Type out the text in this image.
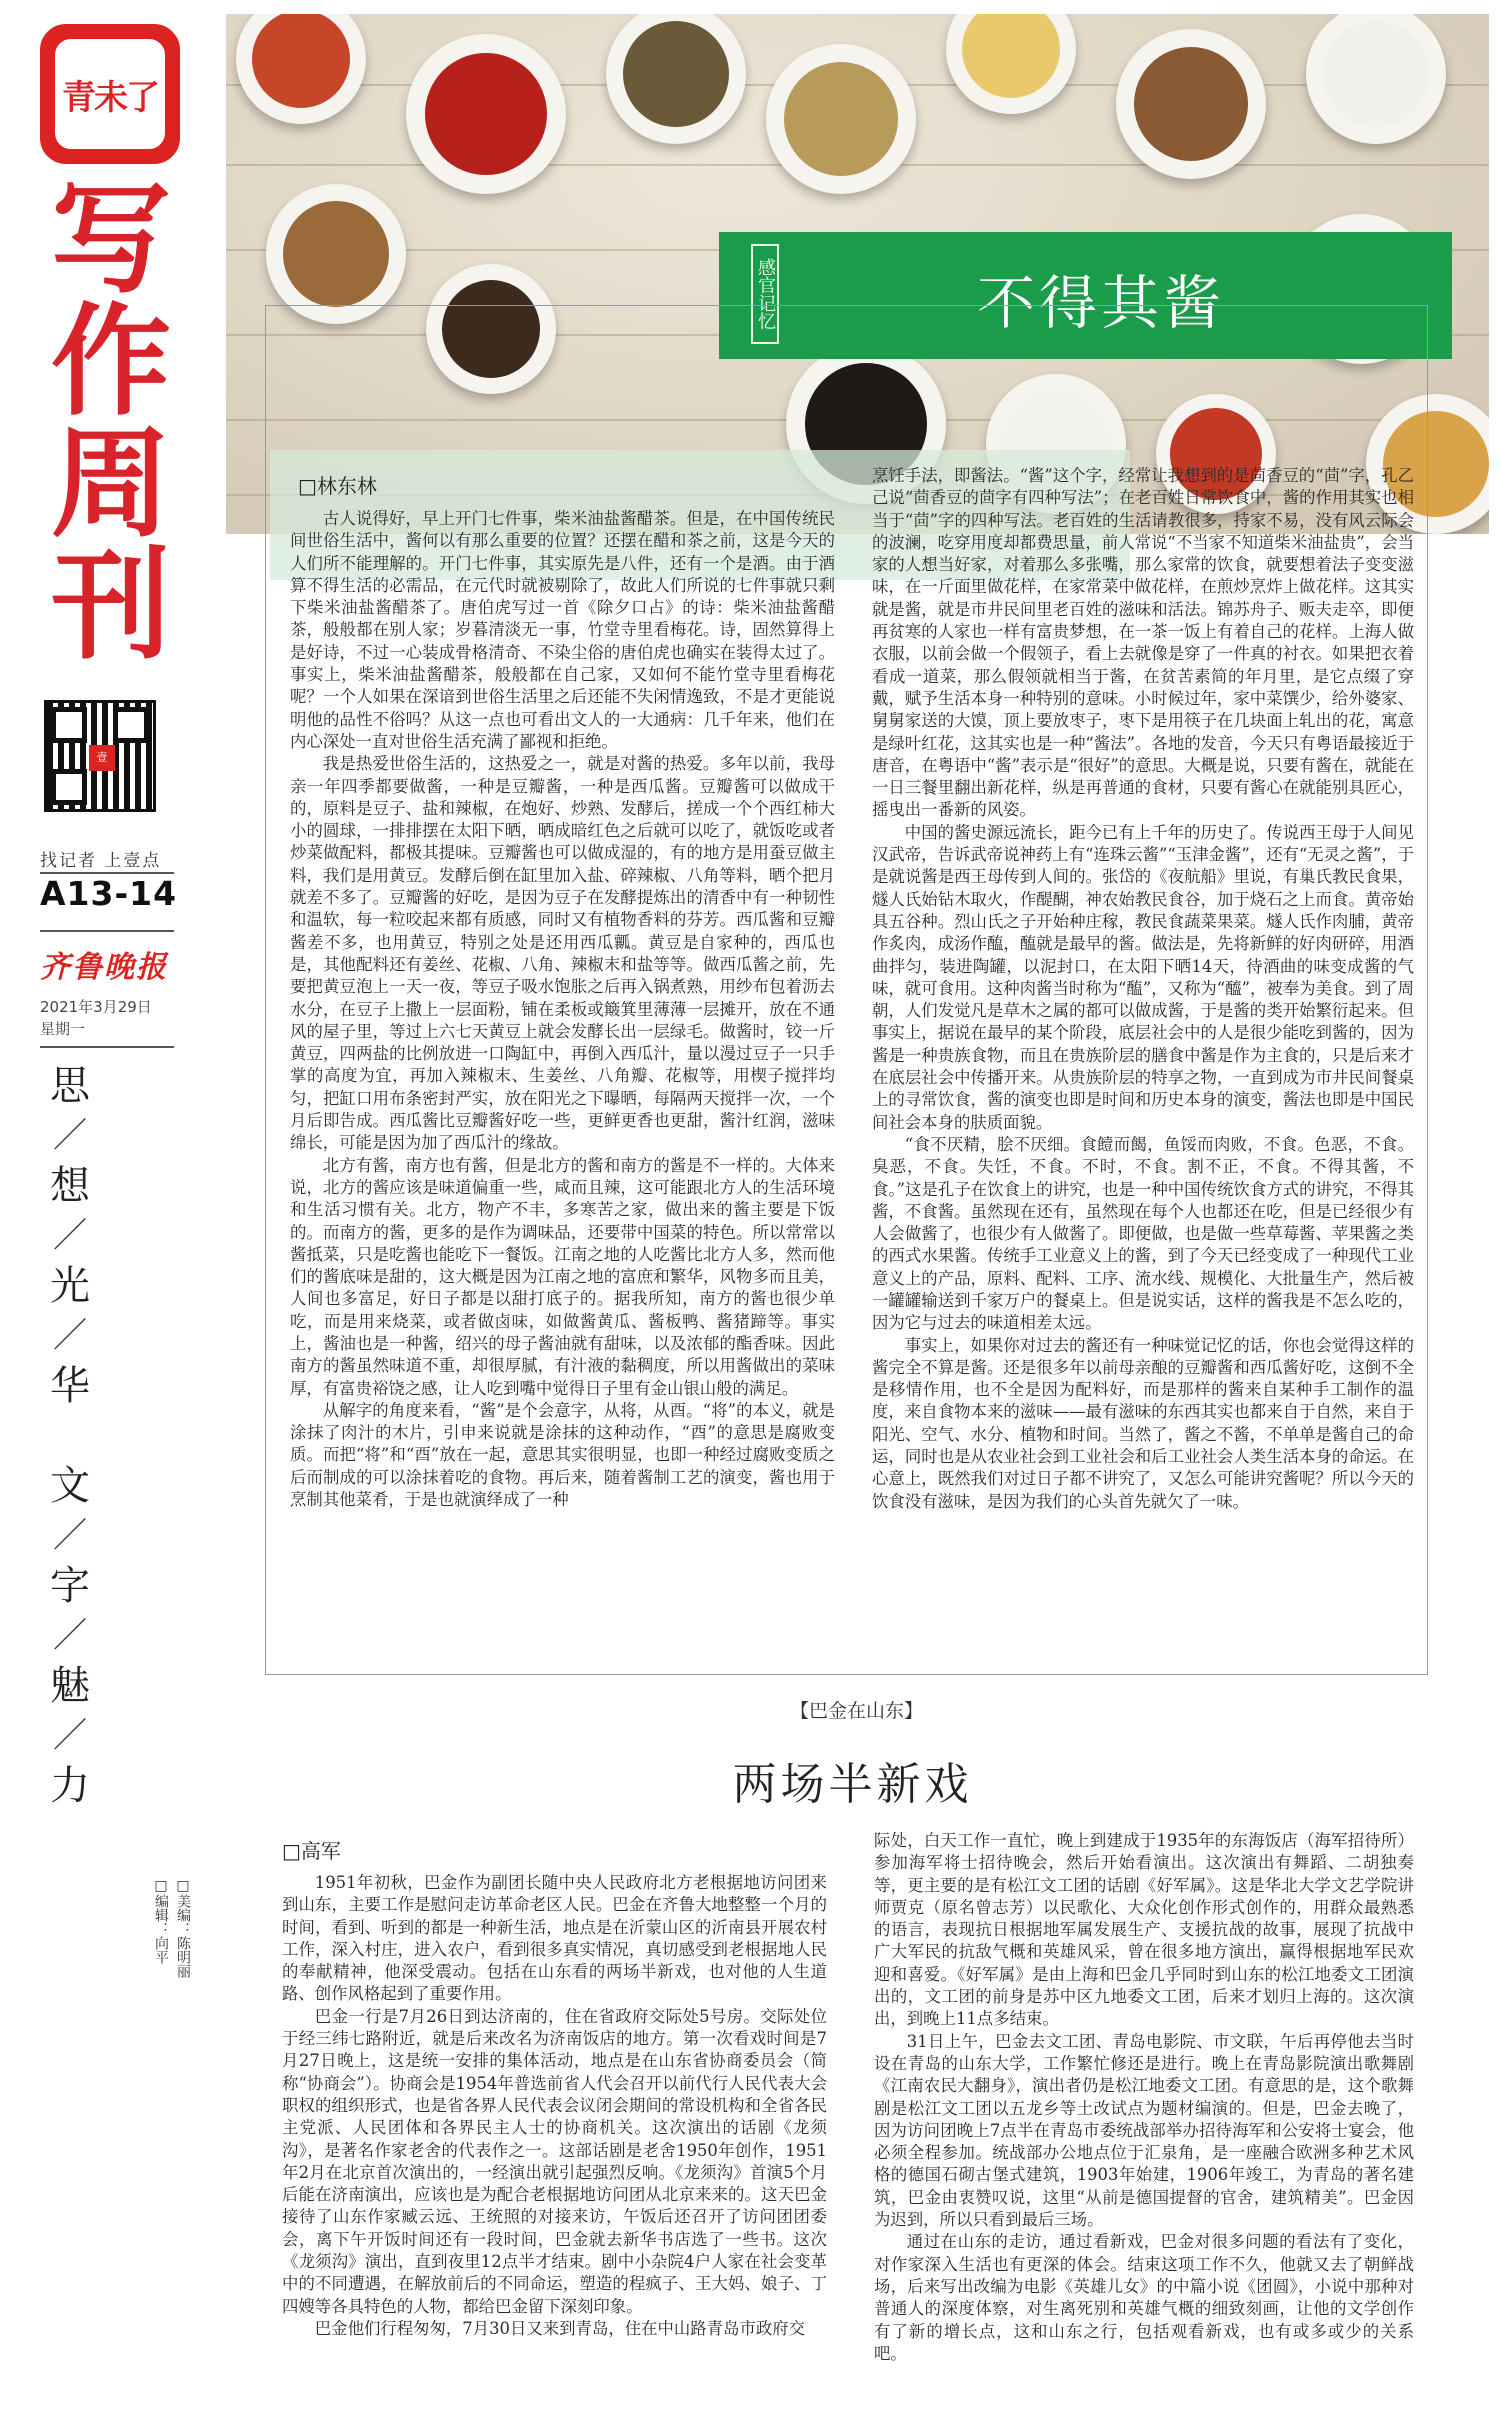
青未了
写
作
周
刊
壹
找记者 上壹点
A13-14
齐鲁晚报
2021年3月29日
星期一
思
／
想
／
光
／
华
文
／
字
／
魅
／
力
□美编：陈明丽
□编辑：向平
感官记忆	不得其酱
□林东林

古人说得好，早上开门七件事，柴米油盐酱醋茶。但是，在中国传统民间世俗生活中，酱何以有那么重要的位置？还摆在醋和茶之前，这是今天的人们所不能理解的。开门七件事，其实原先是八件，还有一个是酒。由于酒算不得生活的必需品，在元代时就被剔除了，故此人们所说的七件事就只剩下柴米油盐酱醋茶了。唐伯虎写过一首《除夕口占》的诗：柴米油盐酱醋茶，般般都在别人家；岁暮清淡无一事，竹堂寺里看梅花。诗，固然算得上是好诗，不过一心装成骨格清奇、不染尘俗的唐伯虎也确实在装得太过了。事实上，柴米油盐酱醋茶，般般都在自己家，又如何不能竹堂寺里看梅花呢？一个人如果在深谙到世俗生活里之后还能不失闲情逸致，不是才更能说明他的品性不俗吗？从这一点也可看出文人的一大通病：几千年来，他们在内心深处一直对世俗生活充满了鄙视和拒绝。

我是热爱世俗生活的，这热爱之一，就是对酱的热爱。多年以前，我母亲一年四季都要做酱，一种是豆瓣酱，一种是西瓜酱。豆瓣酱可以做成干的，原料是豆子、盐和辣椒，在炮好、炒熟、发酵后，搓成一个个西红柿大小的圆球，一排排摆在太阳下晒，晒成暗红色之后就可以吃了，就饭吃或者炒菜做配料，都极其提味。豆瓣酱也可以做成湿的，有的地方是用蚕豆做主料，我们是用黄豆。发酵后倒在缸里加入盐、碎辣椒、八角等料，晒个把月就差不多了。豆瓣酱的好吃，是因为豆子在发酵提炼出的清香中有一种韧性和温软，每一粒咬起来都有质感，同时又有植物香料的芬芳。西瓜酱和豆瓣酱差不多，也用黄豆，特别之处是还用西瓜瓤。黄豆是自家种的，西瓜也是，其他配料还有姜丝、花椒、八角、辣椒末和盐等等。做西瓜酱之前，先要把黄豆泡上一天一夜，等豆子吸水饱胀之后再入锅煮熟，用纱布包着沥去水分，在豆子上撒上一层面粉，铺在柔板或簸箕里薄薄一层摊开，放在不通风的屋子里，等过上六七天黄豆上就会发酵长出一层绿毛。做酱时，铰一斤黄豆，四两盐的比例放进一口陶缸中，再倒入西瓜汁，量以漫过豆子一只手掌的高度为宜，再加入辣椒末、生姜丝、八角瓣、花椒等，用楔子搅拌均匀，把缸口用布条密封严实，放在阳光之下曝晒，每隔两天搅拌一次，一个月后即告成。西瓜酱比豆瓣酱好吃一些，更鲜更香也更甜，酱汁红润，滋味绵长，可能是因为加了西瓜汁的缘故。

北方有酱，南方也有酱，但是北方的酱和南方的酱是不一样的。大体来说，北方的酱应该是味道偏重一些，咸而且辣，这可能跟北方人的生活环境和生活习惯有关。北方，物产不丰，多寒苦之家，做出来的酱主要是下饭的。而南方的酱，更多的是作为调味品，还要带中国菜的特色。所以常常以酱抵菜，只是吃酱也能吃下一餐饭。江南之地的人吃酱比北方人多，然而他们的酱底味是甜的，这大概是因为江南之地的富庶和繁华，风物多而且美，人间也多富足，好日子都是以甜打底子的。据我所知，南方的酱也很少单吃，而是用来烧菜，或者做卤味，如做酱黄瓜、酱板鸭、酱猪蹄等。事实上，酱油也是一种酱，绍兴的母子酱油就有甜味，以及浓郁的酯香味。因此南方的酱虽然味道不重，却很厚腻，有汁液的黏稠度，所以用酱做出的菜味厚，有富贵裕饶之感，让人吃到嘴中觉得日子里有金山银山般的满足。

从解字的角度来看，“酱”是个会意字，从将，从酉。“将”的本义，就是涂抹了肉汁的木片，引申来说就是涂抹的这种动作，“酉”的意思是腐败变质。而把“将”和“酉”放在一起，意思其实很明显，也即一种经过腐败变质之后而制成的可以涂抹着吃的食物。再后来，随着酱制工艺的演变，酱也用于烹制其他菜肴，于是也就演绎成了一种

烹饪手法，即酱法。“酱”这个字，经常让我想到的是茴香豆的“茴”字，孔乙己说“茴香豆的茴字有四种写法”；在老百姓日常饮食中，酱的作用其实也相当于“茴”字的四种写法。老百姓的生活请教很多，持家不易，没有风云际会的波澜，吃穿用度却都费思量，前人常说“不当家不知道柴米油盐贵”，会当家的人想当好家，对着那么多张嘴，那么家常的饮食，就要想着法子变变滋味，在一斤面里做花样，在家常菜中做花样，在煎炒烹炸上做花样。这其实就是酱，就是市井民间里老百姓的滋味和活法。锦苏舟子、贩夫走卒，即便再贫寒的人家也一样有富贵梦想，在一茶一饭上有着自己的花样。上海人做衣服，以前会做一个假领子，看上去就像是穿了一件真的衬衣。如果把衣着看成一道菜，那么假领就相当于酱，在贫苦素简的年月里，是它点缀了穿戴，赋予生活本身一种特别的意味。小时候过年，家中菜馔少，给外婆家、舅舅家送的大馍，顶上要放枣子，枣下是用筷子在几块面上轧出的花，寓意是绿叶红花，这其实也是一种“酱法”。各地的发音，今天只有粤语最接近于唐音，在粤语中“酱”表示是“很好”的意思。大概是说，只要有酱在，就能在一日三餐里翻出新花样，纵是再普通的食材，只要有酱心在就能别具匠心，摇曳出一番新的风姿。

中国的酱史源远流长，距今已有上千年的历史了。传说西王母于人间见汉武帝，告诉武帝说神药上有“连珠云酱”“玉津金酱”，还有“无灵之酱”，于是就说酱是西王母传到人间的。张岱的《夜航船》里说，有巢氏教民食果，燧人氏始钻木取火，作醍醐，神农始教民食谷，加于烧石之上而食。黄帝始具五谷种。烈山氏之子开始种庄稼，教民食蔬菜果菜。燧人氏作肉脯，黄帝作炙肉，成汤作醢，醢就是最早的酱。做法是，先将新鲜的好肉研碎，用酒曲拌匀，装进陶罐，以泥封口，在太阳下晒14天，待酒曲的味变成酱的气味，就可食用。这种肉酱当时称为“醢”，又称为“醯”，被奉为美食。到了周朝，人们发觉凡是草木之属的都可以做成酱，于是酱的类开始繁衍起来。但事实上，据说在最早的某个阶段，底层社会中的人是很少能吃到酱的，因为酱是一种贵族食物，而且在贵族阶层的膳食中酱是作为主食的，只是后来才在底层社会中传播开来。从贵族阶层的特享之物，一直到成为市井民间餐桌上的寻常饮食，酱的演变也即是时间和历史本身的演变，酱法也即是中国民间社会本身的肤质面貌。

“食不厌精，脍不厌细。食饐而餲，鱼馁而肉败，不食。色恶，不食。臭恶，不食。失饪，不食。不时，不食。割不正，不食。不得其酱，不食。”这是孔子在饮食上的讲究，也是一种中国传统饮食方式的讲究，不得其酱，不食酱。虽然现在还有，虽然现在每个人也都还在吃，但是已经很少有人会做酱了，也很少有人做酱了。即便做，也是做一些草莓酱、苹果酱之类的西式水果酱。传统手工业意义上的酱，到了今天已经变成了一种现代工业意义上的产品，原料、配料、工序、流水线、规模化、大批量生产，然后被一罐罐输送到千家万户的餐桌上。但是说实话，这样的酱我是不怎么吃的，因为它与过去的味道相差太远。

事实上，如果你对过去的酱还有一种味觉记忆的话，你也会觉得这样的酱完全不算是酱。还是很多年以前母亲酿的豆瓣酱和西瓜酱好吃，这倒不全是移情作用，也不全是因为配料好，而是那样的酱来自某种手工制作的温度，来自食物本来的滋味——最有滋味的东西其实也都来自于自然，来自于阳光、空气、水分、植物和时间。当然了，酱之不酱，不单单是酱自己的命运，同时也是从农业社会到工业社会和后工业社会人类生活本身的命运。在心意上，既然我们对过日子都不讲究了，又怎么可能讲究酱呢？所以今天的饮食没有滋味，是因为我们的心头首先就欠了一味。

【巴金在山东】
两场半新戏
□高军

1951年初秋，巴金作为副团长随中央人民政府北方老根据地访问团来到山东，主要工作是慰问走访革命老区人民。巴金在齐鲁大地整整一个月的时间，看到、听到的都是一种新生活，地点是在沂蒙山区的沂南县开展农村工作，深入村庄，进入农户，看到很多真实情况，真切感受到老根据地人民的奉献精神，他深受震动。包括在山东看的两场半新戏，也对他的人生道路、创作风格起到了重要作用。

巴金一行是7月26日到达济南的，住在省政府交际处5号房。交际处位于经三纬七路附近，就是后来改名为济南饭店的地方。第一次看戏时间是7月27日晚上，这是统一安排的集体活动，地点是在山东省协商委员会（简称“协商会”）。协商会是1954年普选前省人代会召开以前代行人民代表大会职权的组织形式，也是省各界人民代表会议闭会期间的常设机构和全省各民主党派、人民团体和各界民主人士的协商机关。这次演出的话剧《龙须沟》，是著名作家老舍的代表作之一。这部话剧是老舍1950年创作，1951年2月在北京首次演出的，一经演出就引起强烈反响。《龙须沟》首演5个月后能在济南演出，应该也是为配合老根据地访问团从北京来来的。这天巴金接待了山东作家臧云远、王统照的对接来访，午饭后还召开了访问团团委会，离下午开饭时间还有一段时间，巴金就去新华书店选了一些书。这次《龙须沟》演出，直到夜里12点半才结束。剧中小杂院4户人家在社会变革中的不同遭遇，在解放前后的不同命运，塑造的程疯子、王大妈、娘子、丁四嫂等各具特色的人物，都给巴金留下深刻印象。

巴金他们行程匆匆，7月30日又来到青岛，住在中山路青岛市政府交

际处，白天工作一直忙，晚上到建成于1935年的东海饭店（海军招待所）参加海军将士招待晚会，然后开始看演出。这次演出有舞蹈、二胡独奏等，更主要的是有松江文工团的话剧《好军属》。这是华北大学文艺学院讲师贾克（原名曾志芳）以民歌化、大众化创作形式创作的，用群众最熟悉的语言，表现抗日根据地军属发展生产、支援抗战的故事，展现了抗战中广大军民的抗敌气概和英雄风采，曾在很多地方演出，赢得根据地军民欢迎和喜爱。《好军属》是由上海和巴金几乎同时到山东的松江地委文工团演出的，文工团的前身是苏中区九地委文工团，后来才划归上海的。这次演出，到晚上11点多结束。

31日上午，巴金去文工团、青岛电影院、市文联，午后再停他去当时设在青岛的山东大学，工作繁忙修还是进行。晚上在青岛影院演出歌舞剧《江南农民大翻身》，演出者仍是松江地委文工团。有意思的是，这个歌舞剧是松江文工团以五龙乡等土改试点为题材编演的。但是，巴金去晚了，因为访问团晚上7点半在青岛市委统战部举办招待海军和公安将士宴会，他必须全程参加。统战部办公地点位于汇泉角，是一座融合欧洲多种艺术风格的德国石砌古堡式建筑，1903年始建，1906年竣工，为青岛的著名建筑，巴金由衷赞叹说，这里“从前是德国提督的官舍，建筑精美”。巴金因为迟到，所以只看到最后三场。

通过在山东的走访，通过看新戏，巴金对很多问题的看法有了变化，对作家深入生活也有更深的体会。结束这项工作不久，他就又去了朝鲜战场，后来写出改编为电影《英雄儿女》的中篇小说《团圆》，小说中那种对普通人的深度体察，对生离死别和英雄气概的细致刻画，让他的文学创作有了新的增长点，这和山东之行，包括观看新戏，也有或多或少的关系吧。
